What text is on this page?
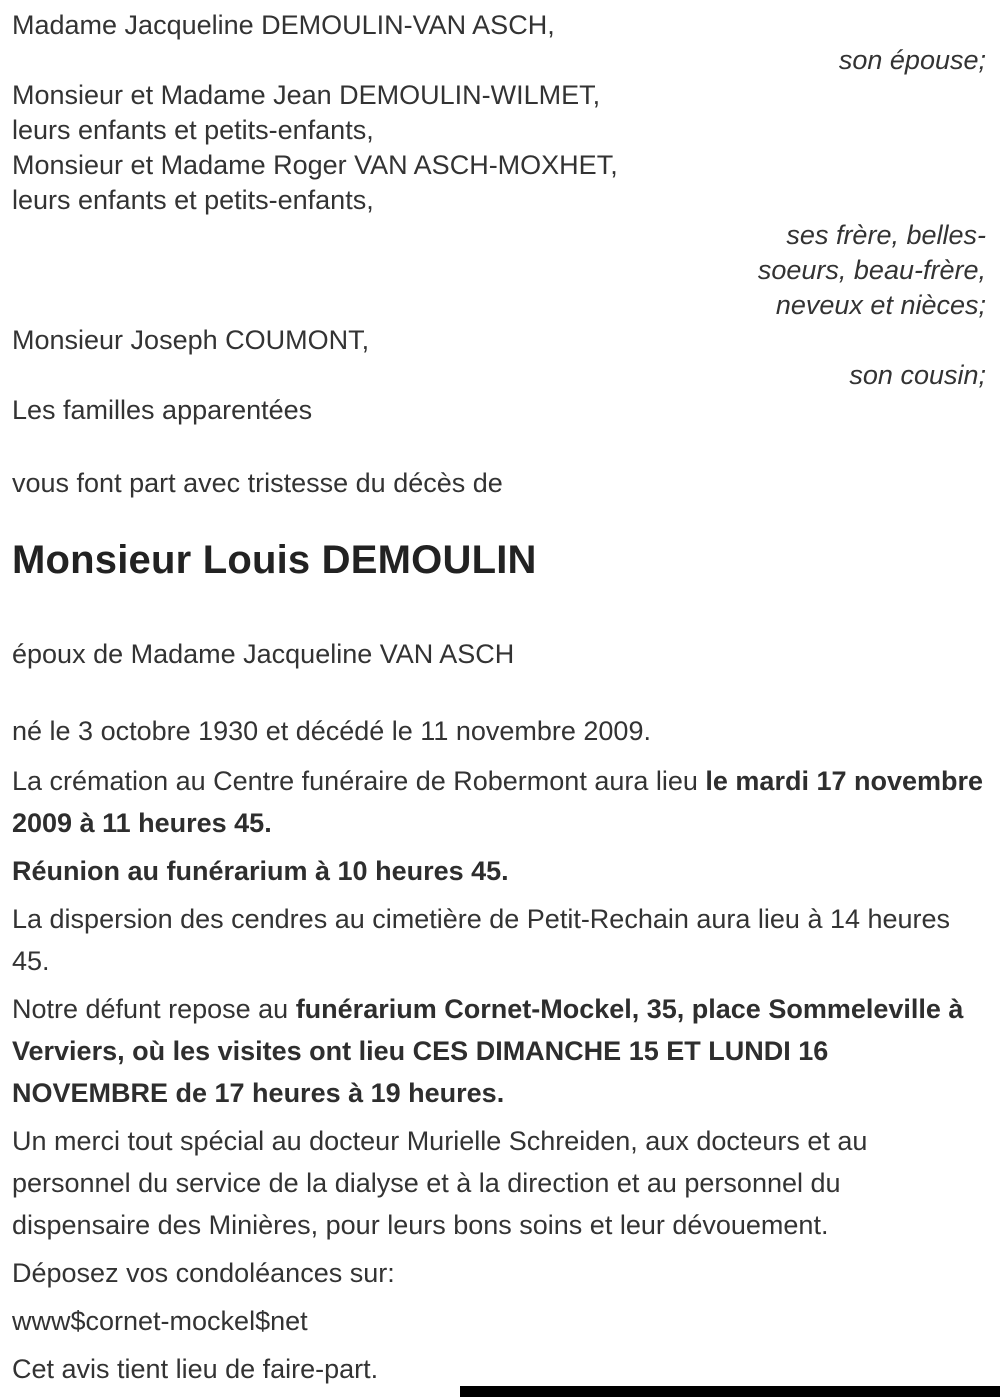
Madame Jacqueline DEMOULIN-VAN ASCH,

son épouse;

Monsieur et Madame Jean DEMOULIN-WILMET,

leurs enfants et petits-enfants,

Monsieur et Madame Roger VAN ASCH-MOXHET,

leurs enfants et petits-enfants,

ses frère, belles-

soeurs, beau-frère,

neveux et nièces;

Monsieur Joseph COUMONT,

son cousin;

Les familles apparentées

vous font part avec tristesse du décès de

Monsieur Louis DEMOULIN

époux de Madame Jacqueline VAN ASCH

né le 3 octobre 1930 et décédé le 11 novembre 2009.

La crémation au Centre funéraire de Robermont aura lieu le mardi 17 novembre 2009 à 11 heures 45.

Réunion au funérarium à 10 heures 45.

La dispersion des cendres au cimetière de Petit-Rechain aura lieu à 14 heures 45.

Notre défunt repose au funérarium Cornet-Mockel, 35, place Sommeleville à Verviers, où les visites ont lieu CES DIMANCHE 15 ET LUNDI 16 NOVEMBRE de 17 heures à 19 heures.

Un merci tout spécial au docteur Murielle Schreiden, aux docteurs et au personnel du service de la dialyse et à la direction et au personnel du dispensaire des Minières, pour leurs bons soins et leur dévouement.

Déposez vos condoléances sur:

www$cornet-mockel$net

Cet avis tient lieu de faire-part.
